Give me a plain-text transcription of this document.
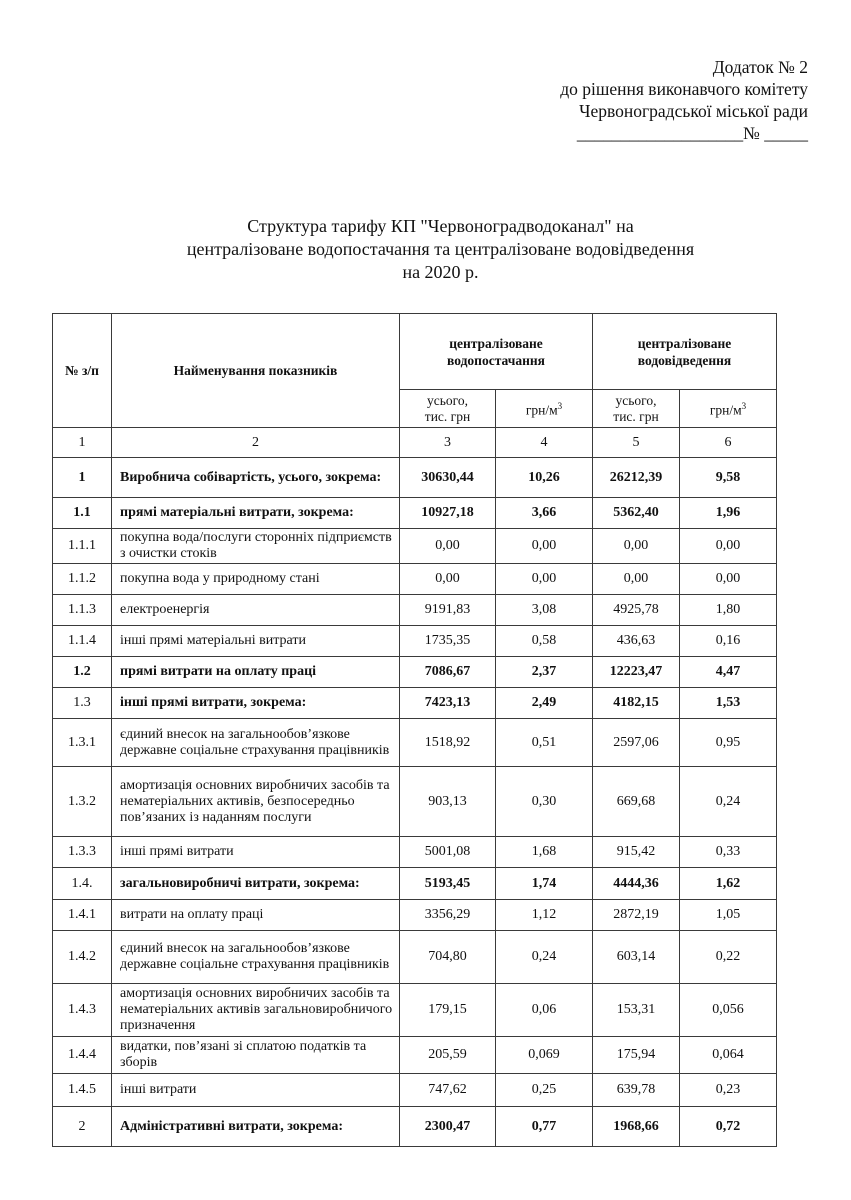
Додаток № 2
до рішення виконавчого комітету
Червоноградської міської ради
___________________№ _____
Структура тарифу КП "Червоноградводоканал" на
централізоване водопостачання та централізоване водовідведення
на 2020 р.
№ з/п	Найменування показників	централізоване водопостачання		централізоване водовідведення	
		усього, тис. грн	грн/$м^3$	усього, тис. грн	грн/$м^3$
1	2	3	4	5	6
1	Виробнича собівартість, усього, зокрема:	30630,44	10,26	26212,39	9,58
1.1	прямі матеріальні витрати, зокрема:	10927,18	3,66	5362,40	1,96
1.1.1	покупна вода/послуги сторонніх підприємств з очистки стоків	0,00	0,00	0,00	0,00
1.1.2	покупна вода у природному стані	0,00	0,00	0,00	0,00
1.1.3	електроенергія	9191,83	3,08	4925,78	1,80
1.1.4	інші прямі матеріальні витрати	1735,35	0,58	436,63	0,16
1.2	прямі витрати на оплату праці	7086,67	2,37	12223,47	4,47
1.3	інші прямі витрати, зокрема:	7423,13	2,49	4182,15	1,53
1.3.1	єдиний внесок на загальнообов’язкове державне соціальне страхування працівників	1518,92	0,51	2597,06	0,95
1.3.2	амортизація основних виробничих засобів та нематеріальних активів, безпосередньо пов’язаних із наданням послуги	903,13	0,30	669,68	0,24
1.3.3	інші прямі витрати	5001,08	1,68	915,42	0,33
1.4.	загальновиробничі витрати, зокрема:	5193,45	1,74	4444,36	1,62
1.4.1	витрати на оплату праці	3356,29	1,12	2872,19	1,05
1.4.2	єдиний внесок на загальнообов’язкове державне соціальне страхування працівників	704,80	0,24	603,14	0,22
1.4.3	амортизація основних виробничих засобів та нематеріальних активів загальновиробничого призначення	179,15	0,06	153,31	0,056
1.4.4	видатки, пов’язані зі сплатою податків та зборів	205,59	0,069	175,94	0,064
1.4.5	інші витрати	747,62	0,25	639,78	0,23
2	Адміністративні витрати, зокрема:	2300,47	0,77	1968,66	0,72
